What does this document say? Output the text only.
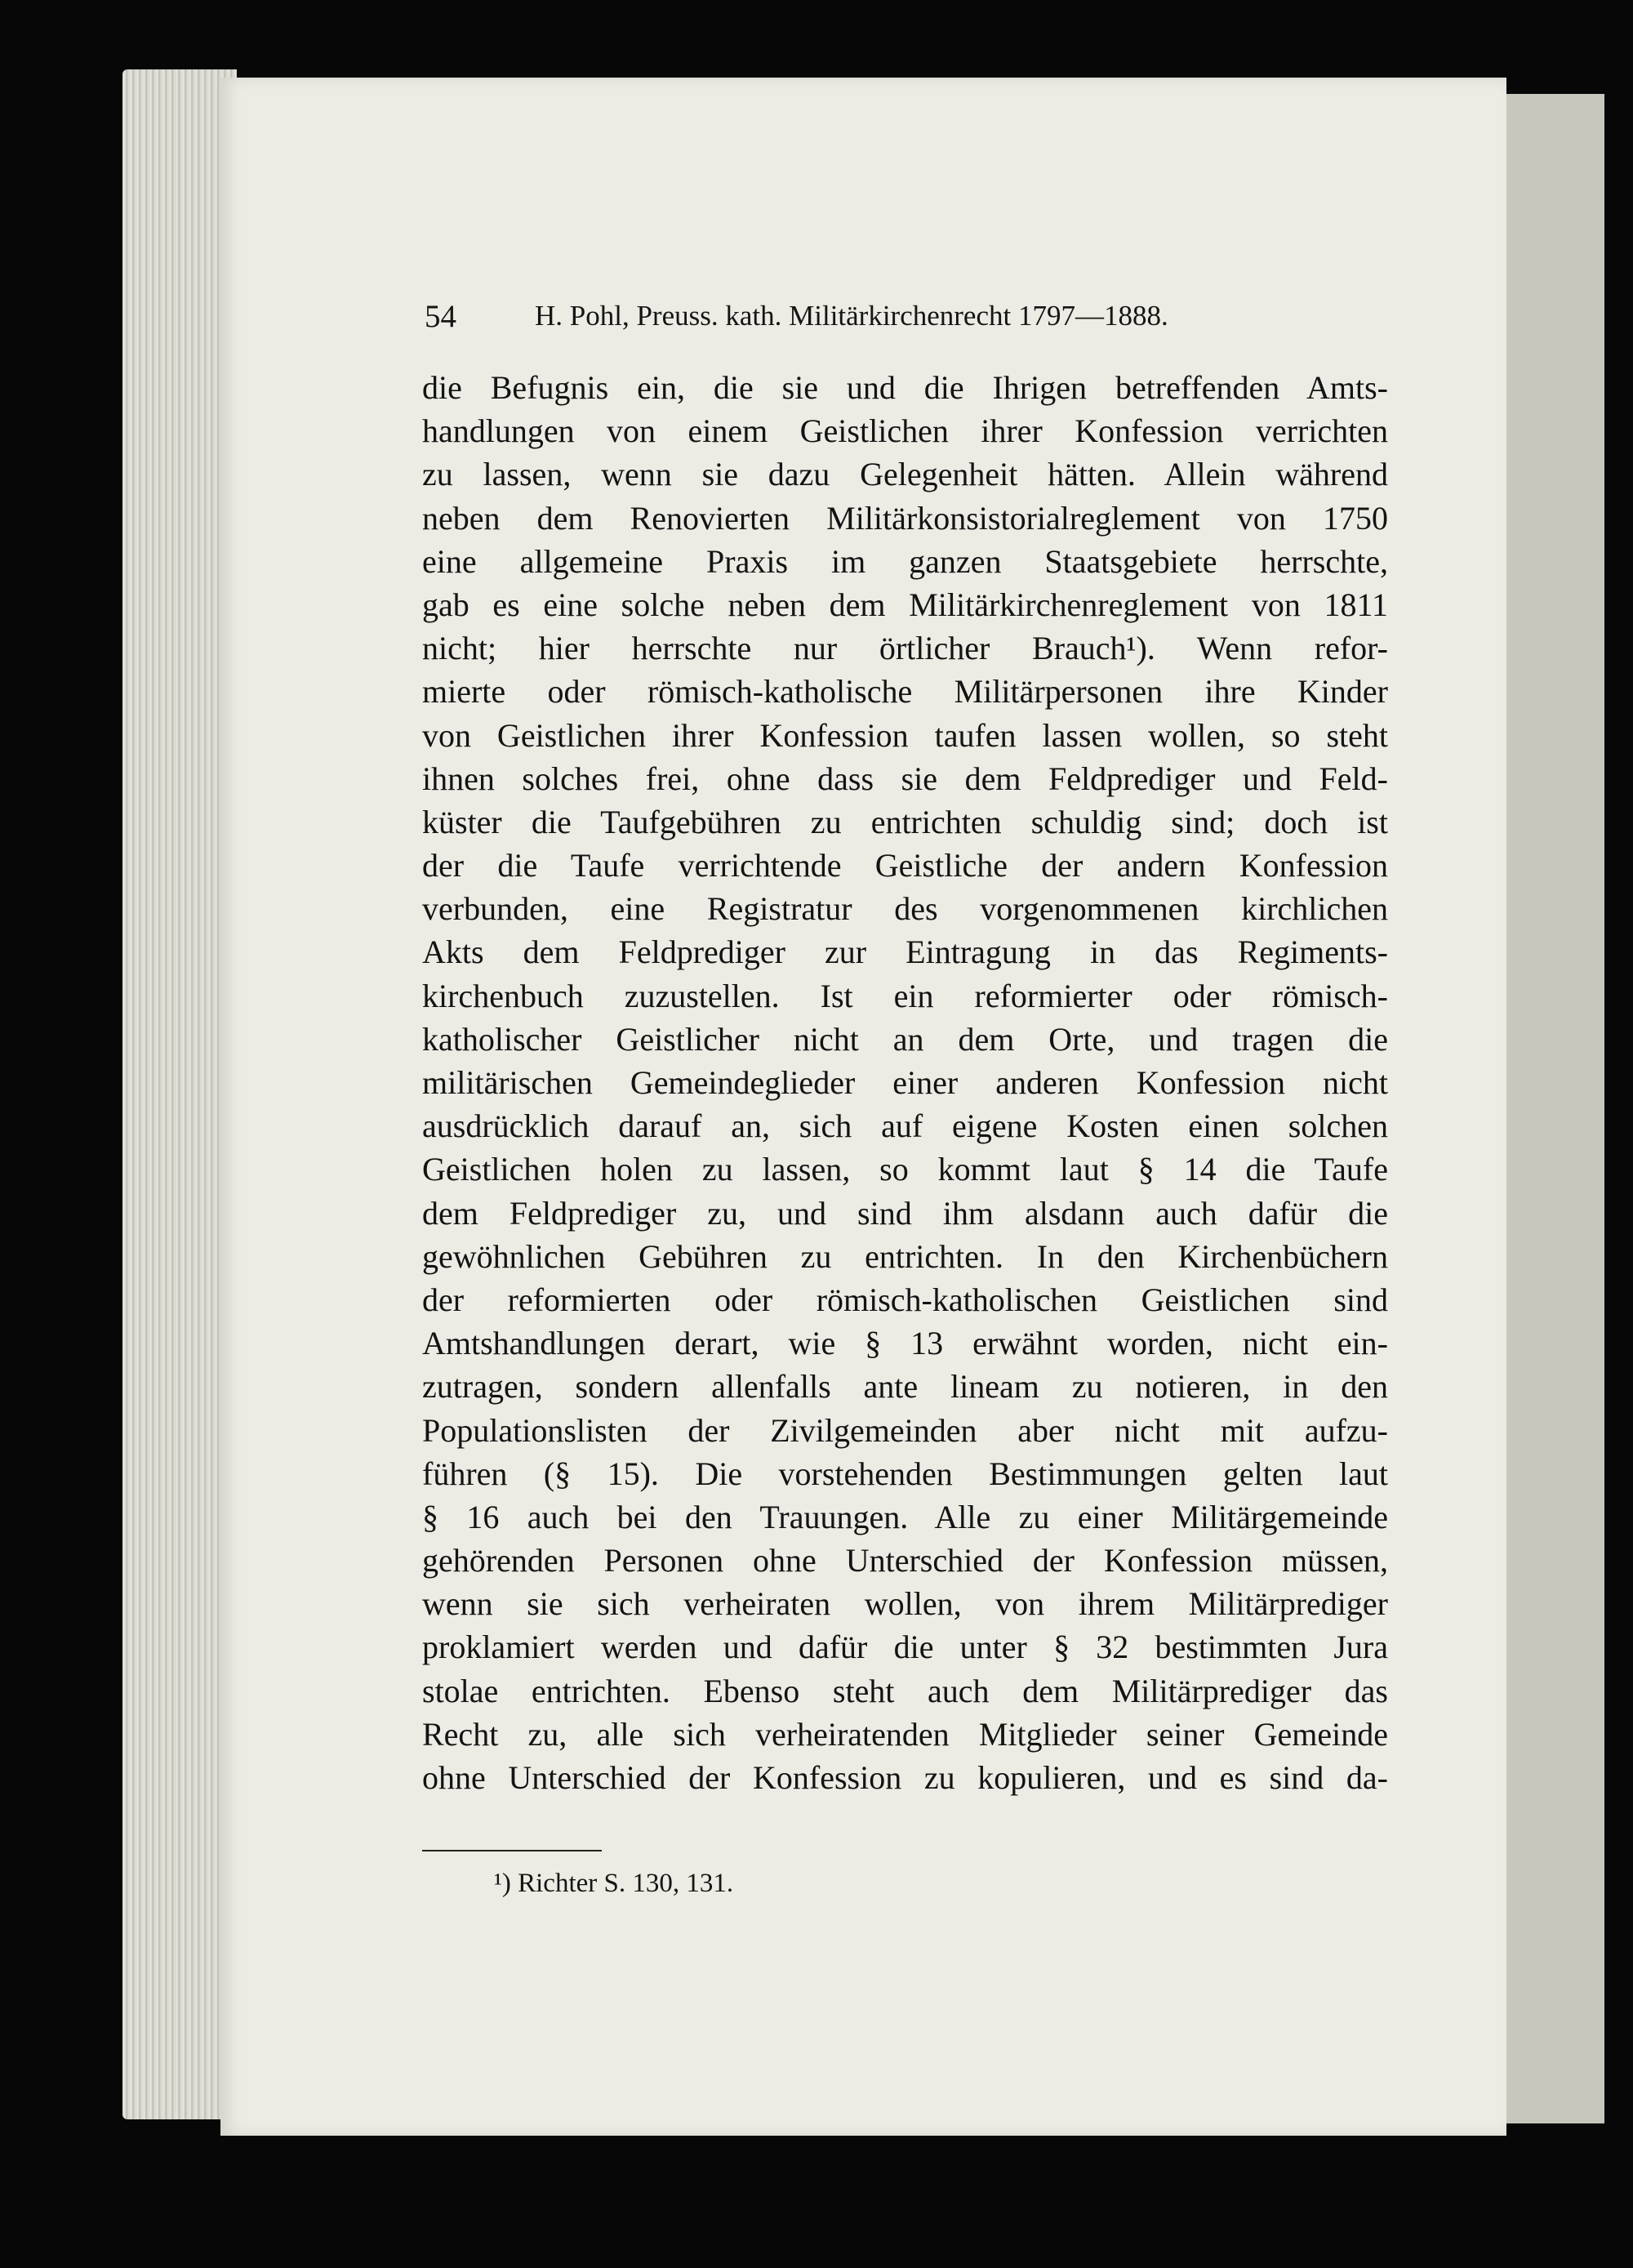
54	H. Pohl, Preuss. kath. Militärkirchenrecht 1797—1888.
die Befugnis ein, die sie und die Ihrigen betreffenden Amts-
handlungen von einem Geistlichen ihrer Konfession verrichten
zu lassen, wenn sie dazu Gelegenheit hätten. Allein während
neben dem Renovierten Militärkonsistorialreglement von 1750
eine allgemeine Praxis im ganzen Staatsgebiete herrschte,
gab es eine solche neben dem Militärkirchenreglement von 1811
nicht; hier herrschte nur örtlicher Brauch¹). Wenn refor-
mierte oder römisch-katholische Militärpersonen ihre Kinder
von Geistlichen ihrer Konfession taufen lassen wollen, so steht
ihnen solches frei, ohne dass sie dem Feldprediger und Feld-
küster die Taufgebühren zu entrichten schuldig sind; doch ist
der die Taufe verrichtende Geistliche der andern Konfession
verbunden, eine Registratur des vorgenommenen kirchlichen
Akts dem Feldprediger zur Eintragung in das Regiments-
kirchenbuch zuzustellen. Ist ein reformierter oder römisch-
katholischer Geistlicher nicht an dem Orte, und tragen die
militärischen Gemeindeglieder einer anderen Konfession nicht
ausdrücklich darauf an, sich auf eigene Kosten einen solchen
Geistlichen holen zu lassen, so kommt laut § 14 die Taufe
dem Feldprediger zu, und sind ihm alsdann auch dafür die
gewöhnlichen Gebühren zu entrichten. In den Kirchenbüchern
der reformierten oder römisch-katholischen Geistlichen sind
Amtshandlungen derart, wie § 13 erwähnt worden, nicht ein-
zutragen, sondern allenfalls ante lineam zu notieren, in den
Populationslisten der Zivilgemeinden aber nicht mit aufzu-
führen (§ 15). Die vorstehenden Bestimmungen gelten laut
§ 16 auch bei den Trauungen. Alle zu einer Militärgemeinde
gehörenden Personen ohne Unterschied der Konfession müssen,
wenn sie sich verheiraten wollen, von ihrem Militärprediger
proklamiert werden und dafür die unter § 32 bestimmten Jura
stolae entrichten. Ebenso steht auch dem Militärprediger das
Recht zu, alle sich verheiratenden Mitglieder seiner Gemeinde
ohne Unterschied der Konfession zu kopulieren, und es sind da-
¹) Richter S. 130, 131.
